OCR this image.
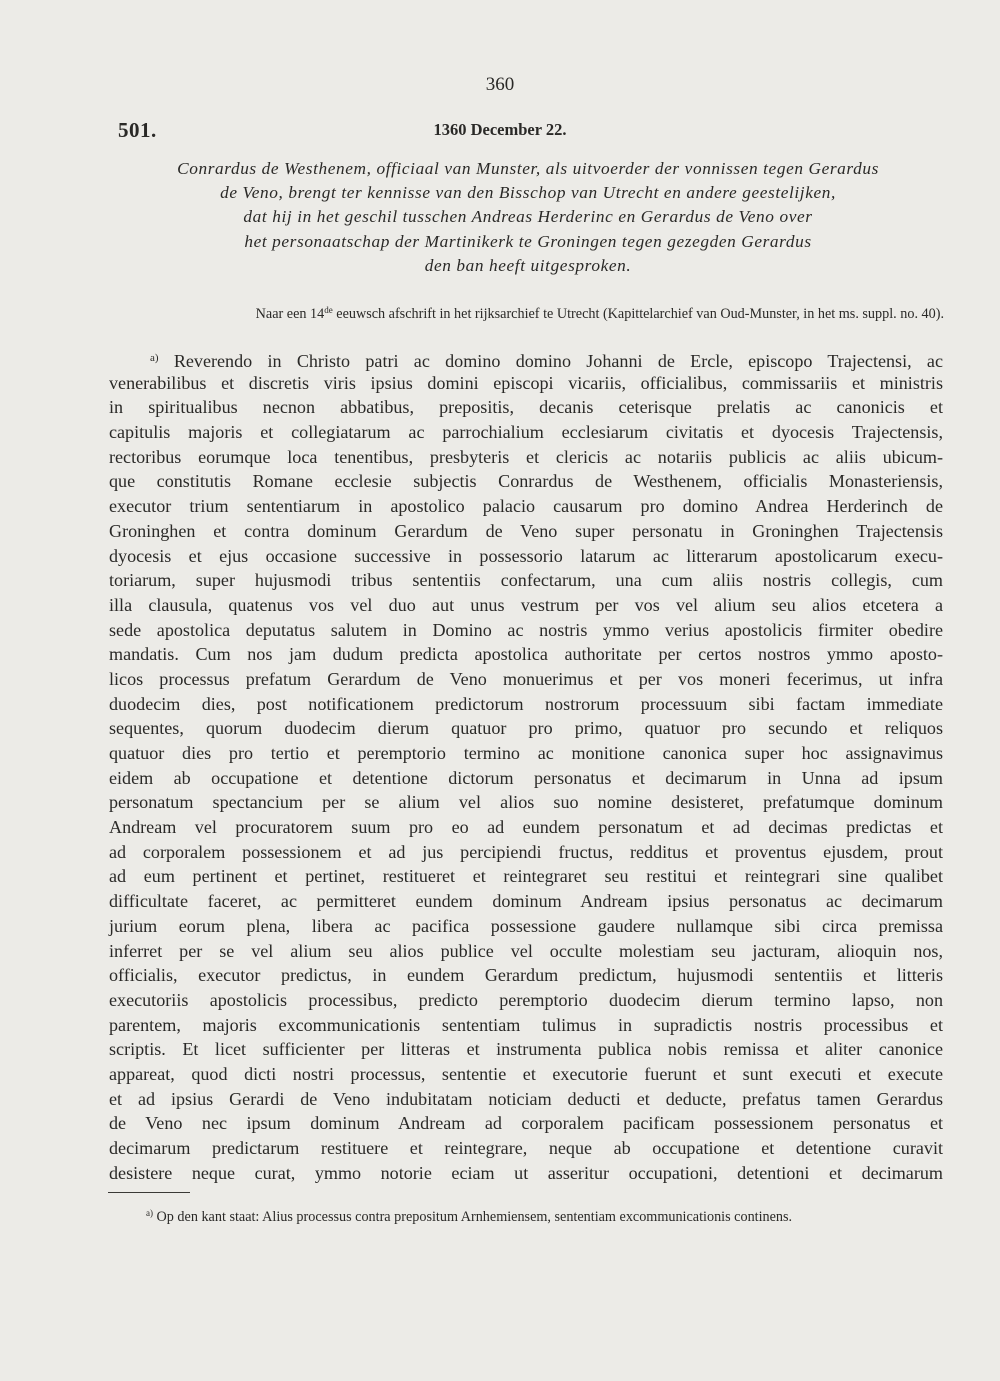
360
501.	1360 December 22.
Conrardus de Westhenem, officiaal van Munster, als uitvoerder der vonnissen tegen Gerardus
de Veno, brengt ter kennisse van den Bisschop van Utrecht en andere geestelijken,
dat hij in het geschil tusschen Andreas Herderinc en Gerardus de Veno over
het personaatschap der Martinikerk te Groningen tegen gezegden Gerardus
den ban heeft uitgesproken.
Naar een 14de eeuwsch afschrift in het rijksarchief te Utrecht (Kapittelarchief van Oud-Munster, in het ms. suppl. no. 40).
$^{a)}$ Reverendo in Christo patri ac domino domino Johanni de Ercle, episcopo Trajectensi, ac
venerabilibus et discretis viris ipsius domini episcopi vicariis, officialibus, commissariis et ministris
in spiritualibus necnon abbatibus, prepositis, decanis ceterisque prelatis ac canonicis et
capitulis majoris et collegiatarum ac parrochialium ecclesiarum civitatis et dyocesis Trajectensis,
rectoribus eorumque loca tenentibus, presbyteris et clericis ac notariis publicis ac aliis ubicum-
que constitutis Romane ecclesie subjectis Conrardus de Westhenem, officialis Monasteriensis,
executor trium sententiarum in apostolico palacio causarum pro domino Andrea Herderinch de
Groninghen et contra dominum Gerardum de Veno super personatu in Groninghen Trajectensis
dyocesis et ejus occasione successive in possessorio latarum ac litterarum apostolicarum execu-
toriarum, super hujusmodi tribus sententiis confectarum, una cum aliis nostris collegis, cum
illa clausula, quatenus vos vel duo aut unus vestrum per vos vel alium seu alios etcetera a
sede apostolica deputatus salutem in Domino ac nostris ymmo verius apostolicis firmiter obedire
mandatis. Cum nos jam dudum predicta apostolica authoritate per certos nostros ymmo aposto-
licos processus prefatum Gerardum de Veno monuerimus et per vos moneri fecerimus, ut infra
duodecim dies, post notificationem predictorum nostrorum processuum sibi factam immediate
sequentes, quorum duodecim dierum quatuor pro primo, quatuor pro secundo et reliquos
quatuor dies pro tertio et peremptorio termino ac monitione canonica super hoc assignavimus
eidem ab occupatione et detentione dictorum personatus et decimarum in Unna ad ipsum
personatum spectancium per se alium vel alios suo nomine desisteret, prefatumque dominum
Andream vel procuratorem suum pro eo ad eundem personatum et ad decimas predictas et
ad corporalem possessionem et ad jus percipiendi fructus, redditus et proventus ejusdem, prout
ad eum pertinent et pertinet, restitueret et reintegraret seu restitui et reintegrari sine qualibet
difficultate faceret, ac permitteret eundem dominum Andream ipsius personatus ac decimarum
jurium eorum plena, libera ac pacifica possessione gaudere nullamque sibi circa premissa
inferret per se vel alium seu alios publice vel occulte molestiam seu jacturam, alioquin nos,
officialis, executor predictus, in eundem Gerardum predictum, hujusmodi sententiis et litteris
executoriis apostolicis processibus, predicto peremptorio duodecim dierum termino lapso, non
parentem, majoris excommunicationis sententiam tulimus in supradictis nostris processibus et
scriptis. Et licet sufficienter per litteras et instrumenta publica nobis remissa et aliter canonice
appareat, quod dicti nostri processus, sententie et executorie fuerunt et sunt executi et execute
et ad ipsius Gerardi de Veno indubitatam noticiam deducti et deducte, prefatus tamen Gerardus
de Veno nec ipsum dominum Andream ad corporalem pacificam possessionem personatus et
decimarum predictarum restituere et reintegrare, neque ab occupatione et detentione curavit
desistere neque curat, ymmo notorie eciam ut asseritur occupationi, detentioni et decimarum
$^{a)}$ Op den kant staat: Alius processus contra prepositum Arnhemiensem, sententiam excommunicationis continens.
